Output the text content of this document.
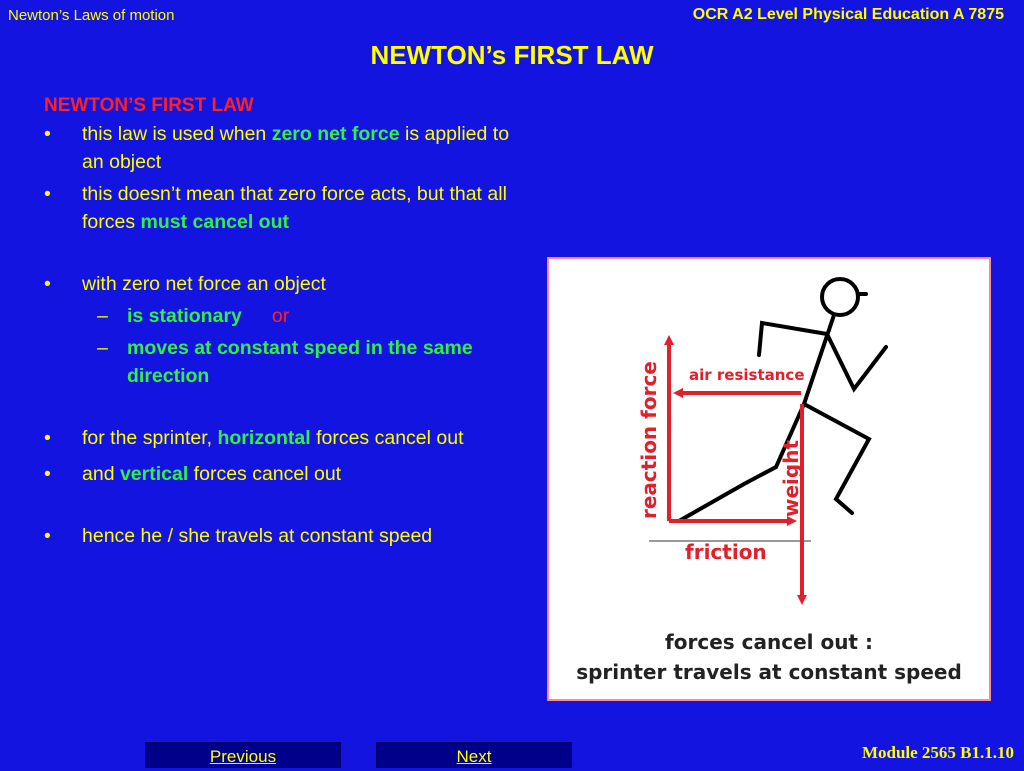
Newton’s Laws of motion	OCR A2 Level Physical Education A 7875
NEWTON’s FIRST LAW
NEWTON’S FIRST LAW
• this law is used when zero net force is applied to an object
• this doesn’t mean that zero force acts, but that all forces must cancel out
• with zero net force an object
– is stationary or
– moves at constant speed in the same direction
• for the sprinter, horizontal forces cancel out
• and vertical forces cancel out
• hence he / she travels at constant speed
reaction force air resistance
weight
friction
forces cancel out :
sprinter travels at constant speed
Previous	Next	Module 2565 B1.1.10
